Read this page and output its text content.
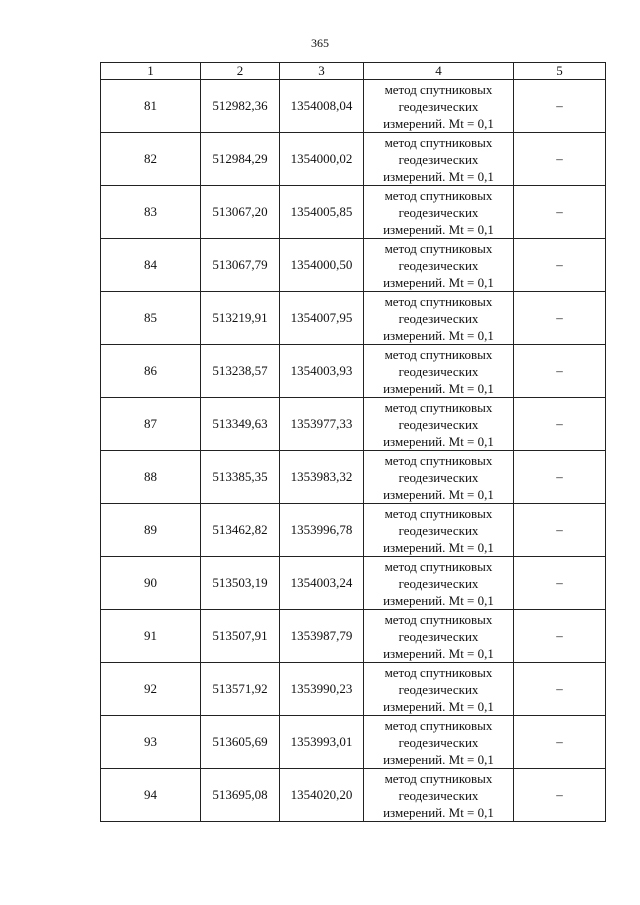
365
1	2	3	4	5
81	512982,36	1354008,04	метод спутниковых
геодезических
измерений. Mt = 0,1	–
82	512984,29	1354000,02	метод спутниковых
геодезических
измерений. Mt = 0,1	–
83	513067,20	1354005,85	метод спутниковых
геодезических
измерений. Mt = 0,1	–
84	513067,79	1354000,50	метод спутниковых
геодезических
измерений. Mt = 0,1	–
85	513219,91	1354007,95	метод спутниковых
геодезических
измерений. Mt = 0,1	–
86	513238,57	1354003,93	метод спутниковых
геодезических
измерений. Mt = 0,1	–
87	513349,63	1353977,33	метод спутниковых
геодезических
измерений. Mt = 0,1	–
88	513385,35	1353983,32	метод спутниковых
геодезических
измерений. Mt = 0,1	–
89	513462,82	1353996,78	метод спутниковых
геодезических
измерений. Mt = 0,1	–
90	513503,19	1354003,24	метод спутниковых
геодезических
измерений. Mt = 0,1	–
91	513507,91	1353987,79	метод спутниковых
геодезических
измерений. Mt = 0,1	–
92	513571,92	1353990,23	метод спутниковых
геодезических
измерений. Mt = 0,1	–
93	513605,69	1353993,01	метод спутниковых
геодезических
измерений. Mt = 0,1	–
94	513695,08	1354020,20	метод спутниковых
геодезических
измерений. Mt = 0,1	–
